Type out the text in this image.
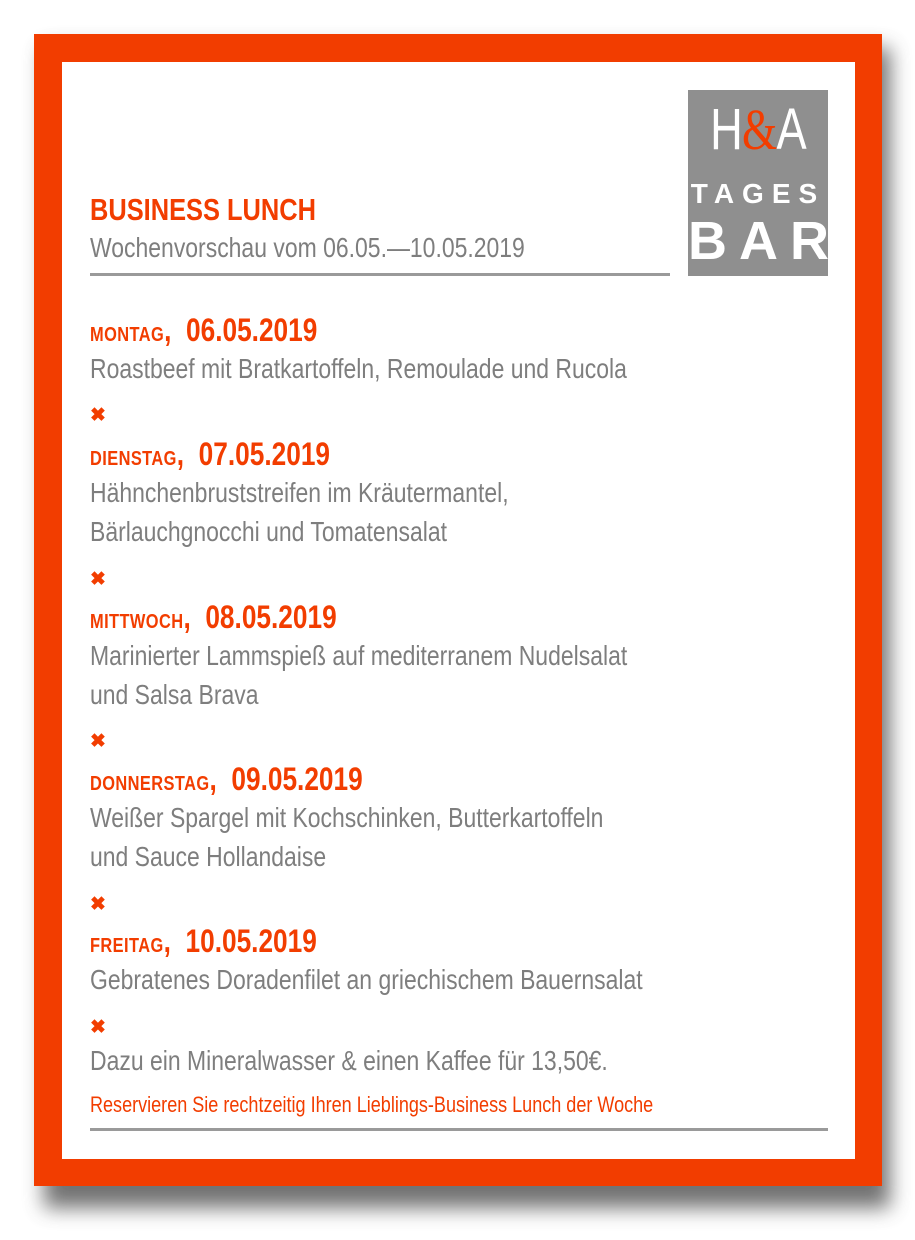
H&A
TAGES
BAR
BUSINESS LUNCH
Wochenvorschau vom 06.05.—10.05.2019
MONTAG,  06.05.2019
Roastbeef mit Bratkartoffeln, Remoulade und Rucola
✖
DIENSTAG,  07.05.2019
Hähnchenbruststreifen im Kräutermantel,
Bärlauchgnocchi und Tomatensalat
✖
MITTWOCH,  08.05.2019
Marinierter Lammspieß auf mediterranem Nudelsalat
und Salsa Brava
✖
DONNERSTAG,  09.05.2019
Weißer Spargel mit Kochschinken, Butterkartoffeln
und Sauce Hollandaise
✖
FREITAG,  10.05.2019
Gebratenes Doradenfilet an griechischem Bauernsalat
✖
Dazu ein Mineralwasser & einen Kaffee für 13,50€.
Reservieren Sie rechtzeitig Ihren Lieblings-Business Lunch der Woche
